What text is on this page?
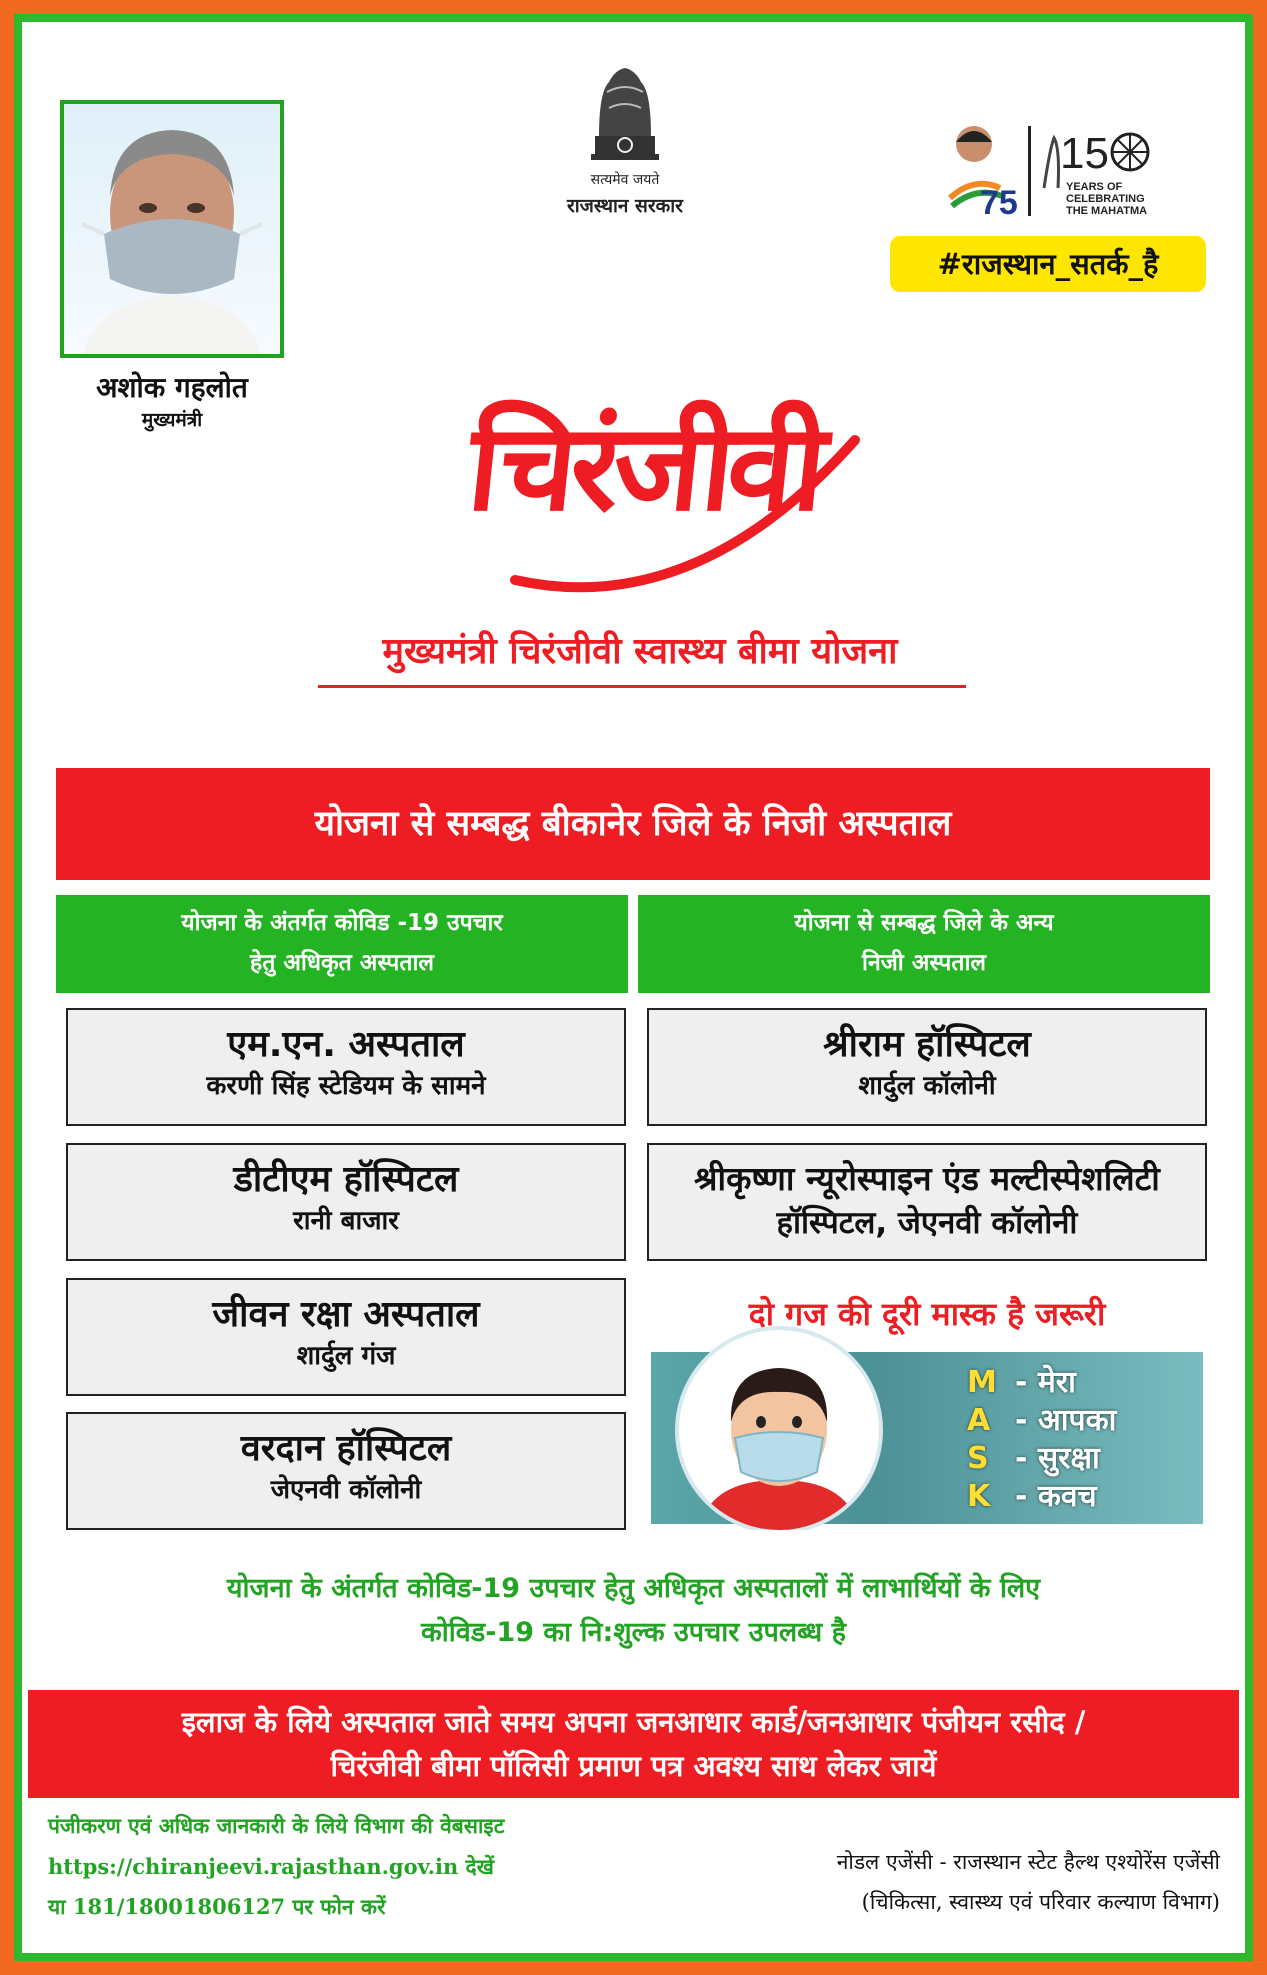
अशोक गहलोत
मुख्यमंत्री
सत्यमेव जयते
राजस्थान सरकार	75
15
YEARS OF
CELEBRATING
THE MAHATMA
#राजस्थान_सतर्क_है
चिरंजीवी
मुख्यमंत्री चिरंजीवी स्वास्थ्य बीमा योजना
योजना से सम्बद्ध बीकानेर जिले के निजी अस्पताल
योजना के अंतर्गत कोविड -19 उपचार
हेतु अधिकृत अस्पताल
योजना से सम्बद्ध जिले के अन्य
निजी अस्पताल
एम.एन. अस्पताल
करणी सिंह स्टेडियम के सामने
डीटीएम हॉस्पिटल
रानी बाजार
जीवन रक्षा अस्पताल
शार्दुल गंज
वरदान हॉस्पिटल
जेएनवी कॉलोनी
श्रीराम हॉस्पिटल
शार्दुल कॉलोनी
श्रीकृष्णा न्यूरोस्पाइन एंड मल्टीस्पेशलिटी
हॉस्पिटल, जेएनवी कॉलोनी
दो गज की दूरी मास्क है जरूरी
M - मेरा
A - आपका
S - सुरक्षा
K - कवच
योजना के अंतर्गत कोविड-19 उपचार हेतु अधिकृत अस्पतालों में लाभार्थियों के लिए
कोविड-19 का नि:शुल्क उपचार उपलब्ध है
इलाज के लिये अस्पताल जाते समय अपना जनआधार कार्ड/जनआधार पंजीयन रसीद /
चिरंजीवी बीमा पॉलिसी प्रमाण पत्र अवश्य साथ लेकर जायें
पंजीकरण एवं अधिक जानकारी के लिये विभाग की वेबसाइट
https://chiranjeevi.rajasthan.gov.in देखें
या 181/18001806127 पर फोन करें
नोडल एजेंसी - राजस्थान स्टेट हैल्थ एश्योरेंस एजेंसी
(चिकित्सा, स्वास्थ्य एवं परिवार कल्याण विभाग)
